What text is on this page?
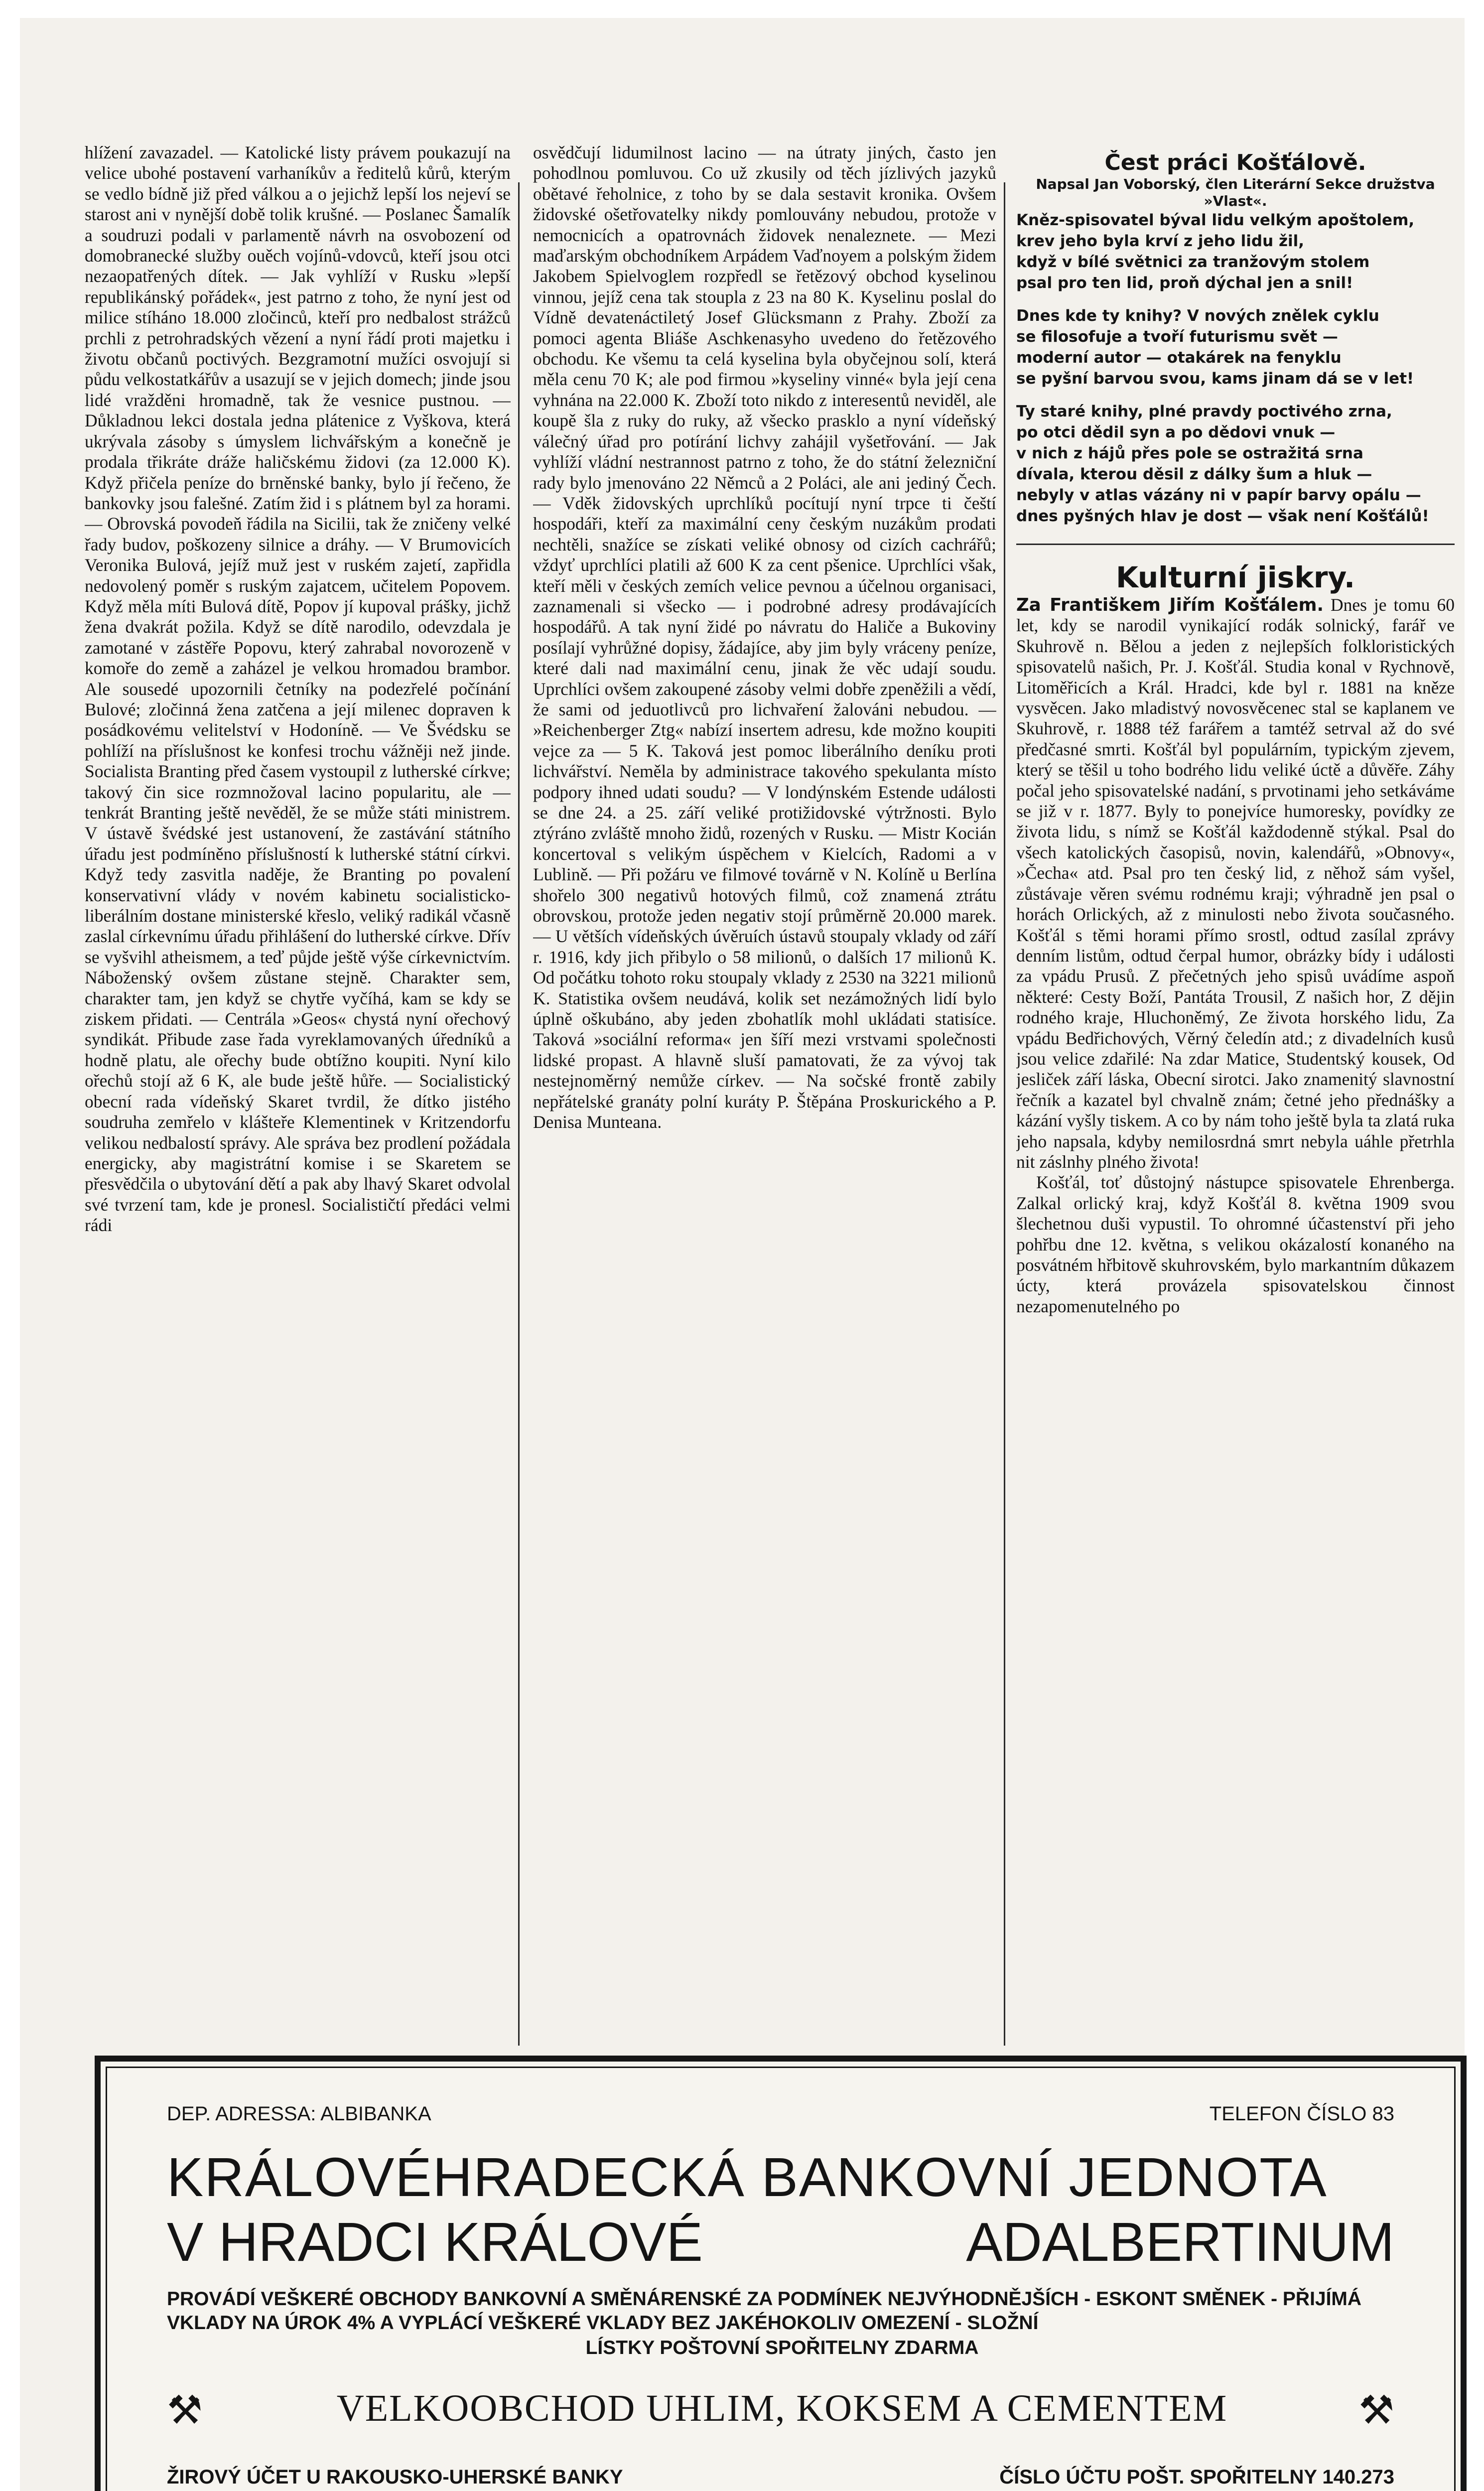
hlížení zavazadel. — Katolické listy právem poukazují na velice ubohé postavení varhaníkův a ředitelů kůrů, kterým se vedlo bídně již před válkou a o jejichž lepší los nejeví se starost ani v nynější době tolik krušné. — Poslanec Šamalík a soudruzi podali v parlamentě návrh na osvobození od domobranecké služby ouěch vojínů-vdovců, kteří jsou otci nezaopatřených dítek. — Jak vyhlíží v Rusku »lepší republikánský pořádek«, jest patrno z toho, že nyní jest od milice stíháno 18.000 zločinců, kteří pro nedbalost strážců prchli z petrohradských vězení a nyní řádí proti majetku i životu občanů poctivých. Bezgramotní mužíci osvojují si půdu velkostatkářův a usazují se v jejich domech; jinde jsou lidé vražděni hromadně, tak že vesnice pustnou. — Důkladnou lekci dostala jedna plátenice z Vyškova, která ukrývala zásoby s úmyslem lichvářským a konečně je prodala třikráte dráže haličskému židovi (za 12.000 K). Když přičela peníze do brněnské banky, bylo jí řečeno, že bankovky jsou falešné. Zatím žid i s plátnem byl za horami. — Obrovská povodeň řádila na Sicilii, tak že zničeny velké řady budov, poškozeny silnice a dráhy. — V Brumovicích Veronika Bulová, jejíž muž jest v ruském zajetí, zapřidla nedovolený poměr s ruským zajatcem, učitelem Popovem. Když měla míti Bulová dítě, Popov jí kupoval prášky, jichž žena dvakrát požila. Když se dítě narodilo, odevzdala je zamotané v zástěře Popovu, který zahrabal novorozeně v komoře do země a zaházel je velkou hromadou brambor. Ale sousedé upozornili četníky na podezřelé počínání Bulové; zločinná žena zatčena a její milenec dopraven k posádkovému velitelství v Hodoníně. — Ve Švédsku se pohlíží na příslušnost ke konfesi trochu vážněji než jinde. Socialista Branting před časem vystoupil z lutherské církve; takový čin sice rozmnožoval lacino popularitu, ale — tenkrát Branting ještě nevěděl, že se může státi ministrem. V ústavě švédské jest ustanovení, že zastávání státního úřadu jest podmíněno příslušností k lutherské státní církvi. Když tedy zasvitla naděje, že Branting po povalení konservativní vlády v novém kabinetu socialisticko-liberálním dostane ministerské křeslo, veliký radikál včasně zaslal církevnímu úřadu přihlášení do lutherské církve. Dřív se vyšvihl atheismem, a teď půjde ještě výše církevnictvím. Náboženský ovšem zůstane stejně. Charakter sem, charakter tam, jen když se chytře vyčíhá, kam se kdy se ziskem přidati. — Centrála »Geos« chystá nyní ořechový syndikát. Přibude zase řada vyreklamovaných úředníků a hodně platu, ale ořechy bude obtížno koupiti. Nyní kilo ořechů stojí až 6 K, ale bude ještě hůře. — Socialistický obecní rada vídeňský Skaret tvrdil, že dítko jistého soudruha zemřelo v klášteře Klementinek v Kritzendorfu velikou nedbalostí správy. Ale správa bez prodlení požádala energicky, aby magistrátní komise i se Skaretem se přesvědčila o ubytování dětí a pak aby lhavý Skaret odvolal své tvrzení tam, kde je pronesl. Socialističtí předáci velmi rádi

osvědčují lidumilnost lacino — na útraty jiných, často jen pohodlnou pomluvou. Co už zkusily od těch jízlivých jazyků obětavé řeholnice, z toho by se dala sestavit kronika. Ovšem židovské ošetřovatelky nikdy pomlouvány nebudou, protože v nemocnicích a opatrovnách židovek nenaleznete. — Mezi maďarským obchodníkem Arpádem Vaďnoyem a polským židem Jakobem Spielvoglem rozpředl se řetězový obchod kyselinou vinnou, jejíž cena tak stoupla z 23 na 80 K. Kyselinu poslal do Vídně devatenáctiletý Josef Glücksmann z Prahy. Zboží za pomoci agenta Bliáše Aschkenasyho uvedeno do řetězového obchodu. Ke všemu ta celá kyselina byla obyčejnou solí, která měla cenu 70 K; ale pod firmou »kyseliny vinné« byla její cena vyhnána na 22.000 K. Zboží toto nikdo z interesentů neviděl, ale koupě šla z ruky do ruky, až všecko prasklo a nyní vídeňský válečný úřad pro potírání lichvy zahájil vyšetřování. — Jak vyhlíží vládní nestrannost patrno z toho, že do státní železniční rady bylo jmenováno 22 Němců a 2 Poláci, ale ani jediný Čech. — Vděk židovských uprchlíků pocítují nyní trpce ti čeští hospodáři, kteří za maximální ceny českým nuzákům prodati nechtěli, snažíce se získati veliké obnosy od cizích cachrářů; vždyť uprchlíci platili až 600 K za cent pšenice. Uprchlíci však, kteří měli v českých zemích velice pevnou a účelnou organisaci, zaznamenali si všecko — i podrobné adresy prodávajících hospodářů. A tak nyní židé po návratu do Haliče a Bukoviny posílají vyhrůžné dopisy, žádajíce, aby jim byly vráceny peníze, které dali nad maximální cenu, jinak že věc udají soudu. Uprchlíci ovšem zakoupené zásoby velmi dobře zpeněžili a vědí, že sami od jeduotlivců pro lichvaření žalováni nebudou. — »Reichenberger Ztg« nabízí insertem adresu, kde možno koupiti vejce za — 5 K. Taková jest pomoc liberálního deníku proti lichvářství. Neměla by administrace takového spekulanta místo podpory ihned udati soudu? — V londýnském Estende události se dne 24. a 25. září veliké protižidovské výtržnosti. Bylo ztýráno zvláště mnoho židů, rozených v Rusku. — Mistr Kocián koncertoval s velikým úspěchem v Kielcích, Radomi a v Lublině. — Při požáru ve filmové továrně v N. Kolíně u Berlína shořelo 300 negativů hotových filmů, což znamená ztrátu obrovskou, protože jeden negativ stojí průměrně 20.000 marek. — U větších vídeňských úvěruích ústavů stoupaly vklady od září r. 1916, kdy jich přibylo o 58 milionů, o dalších 17 milionů K. Od počátku tohoto roku stoupaly vklady z 2530 na 3221 milionů K. Statistika ovšem neudává, kolik set nezámožných lidí bylo úplně oškubáno, aby jeden zbohatlík mohl ukládati statisíce. Taková »sociální reforma« jen šíří mezi vrstvami společnosti lidské propast. A hlavně sluší pamatovati, že za vývoj tak nestejnoměrný nemůže církev. — Na sočské frontě zabily nepřátelské granáty polní kuráty P. Štěpána Proskurického a P. Denisa Munteana.

Čest práci Košťálově.

Napsal Jan Voborský, člen Literární Sekce družstva »Vlast«.

Kněz-spisovatel býval lidu velkým apoštolem,
krev jeho byla krví z jeho lidu žil,
když v bílé světnici za tranžovým stolem
psal pro ten lid, proň dýchal jen a snil!

Dnes kde ty knihy? V nových znělek cyklu
se filosofuje a tvoří futurismu svět —
moderní autor — otakárek na fenyklu
se pyšní barvou svou, kams jinam dá se v let!

Ty staré knihy, plné pravdy poctivého zrna,
po otci dědil syn a po dědovi vnuk —
v nich z hájů přes pole se ostražitá srna
dívala, kterou děsil z dálky šum a hluk —
nebyly v atlas vázány ni v papír barvy opálu —
dnes pyšných hlav je dost — však není Košťálů!

Kulturní jiskry.

Za Františkem Jiřím Košťálem. Dnes je tomu 60 let, kdy se narodil vynikající rodák solnický, farář ve Skuhrově n. Bělou a jeden z nejlepších folkloristických spisovatelů našich, Pr. J. Košťál. Studia konal v Rychnově, Litoměřicích a Král. Hradci, kde byl r. 1881 na kněze vysvěcen. Jako mladistvý novosvěcenec stal se kaplanem ve Skuhrově, r. 1888 též farářem a tamtéž setrval až do své předčasné smrti. Košťál byl populárním, typickým zjevem, který se těšil u toho bodrého lidu veliké úctě a důvěře. Záhy počal jeho spisovatelské nadání, s prvotinami jeho setkáváme se již v r. 1877. Byly to ponejvíce humoresky, povídky ze života lidu, s nímž se Košťál každodenně stýkal. Psal do všech katolických časopisů, novin, kalendářů, »Obnovy«, »Čecha« atd. Psal pro ten český lid, z něhož sám vyšel, zůstávaje věren svému rodnému kraji; výhradně jen psal o horách Orlických, až z minulosti nebo života současného. Košťál s těmi horami přímo srostl, odtud zasílal zprávy denním listům, odtud čerpal humor, obrázky bídy i události za vpádu Prusů. Z přečetných jeho spisů uvádíme aspoň některé: Cesty Boží, Pantáta Trousil, Z našich hor, Z dějin rodného kraje, Hluchoněmý, Ze života horského lidu, Za vpádu Bedřichových, Věrný čeledín atd.; z divadelních kusů jsou velice zdařilé: Na zdar Matice, Studentský kousek, Od jesliček září láska, Obecní sirotci. Jako znamenitý slavnostní řečník a kazatel byl chvalně znám; četné jeho přednášky a kázání vyšly tiskem. A co by nám toho ještě byla ta zlatá ruka jeho napsala, kdyby nemilosrdná smrt nebyla uáhle přetrhla nit záslnhy plného života!

Košťál, toť důstojný nástupce spisovatele Ehrenberga. Zalkal orlický kraj, když Košťál 8. května 1909 svou šlechetnou duši vypustil. To ohromné účastenství při jeho pohřbu dne 12. května, s velikou okázalostí konaného na posvátném hřbitově skuhrovském, bylo markantním důkazem úcty, která provázela spisovatelskou činnost nezapomenutelného po

DEP. ADRESSA: ALBIBANKA	TELEFON ČÍSLO 83
KRÁLOVÉHRADECKÁ BANKOVNÍ JEDNOTA
V HRADCI KRÁLOVÉ	ADALBERTINUM
PROVÁDÍ VEŠKERÉ OBCHODY BANKOVNÍ A SMĚNÁRENSKÉ ZA PODMÍNEK NEJVÝHODNĚJŠÍCH - ESKONT SMĚNEK - PŘIJÍMÁ VKLADY NA ÚROK 4% A VYPLÁCÍ VEŠKERÉ VKLADY BEZ JAKÉHOKOLIV OMEZENÍ - SLOŽNÍ
LÍSTKY POŠTOVNÍ SPOŘITELNY ZDARMA
⚒	VELKOOBCHOD UHLIM, KOKSEM A CEMENTEM	⚒
ŽIROVÝ ÚČET U RAKOUSKO-UHERSKÉ BANKY	ČÍSLO ÚČTU POŠT. SPOŘITELNY 140.273
